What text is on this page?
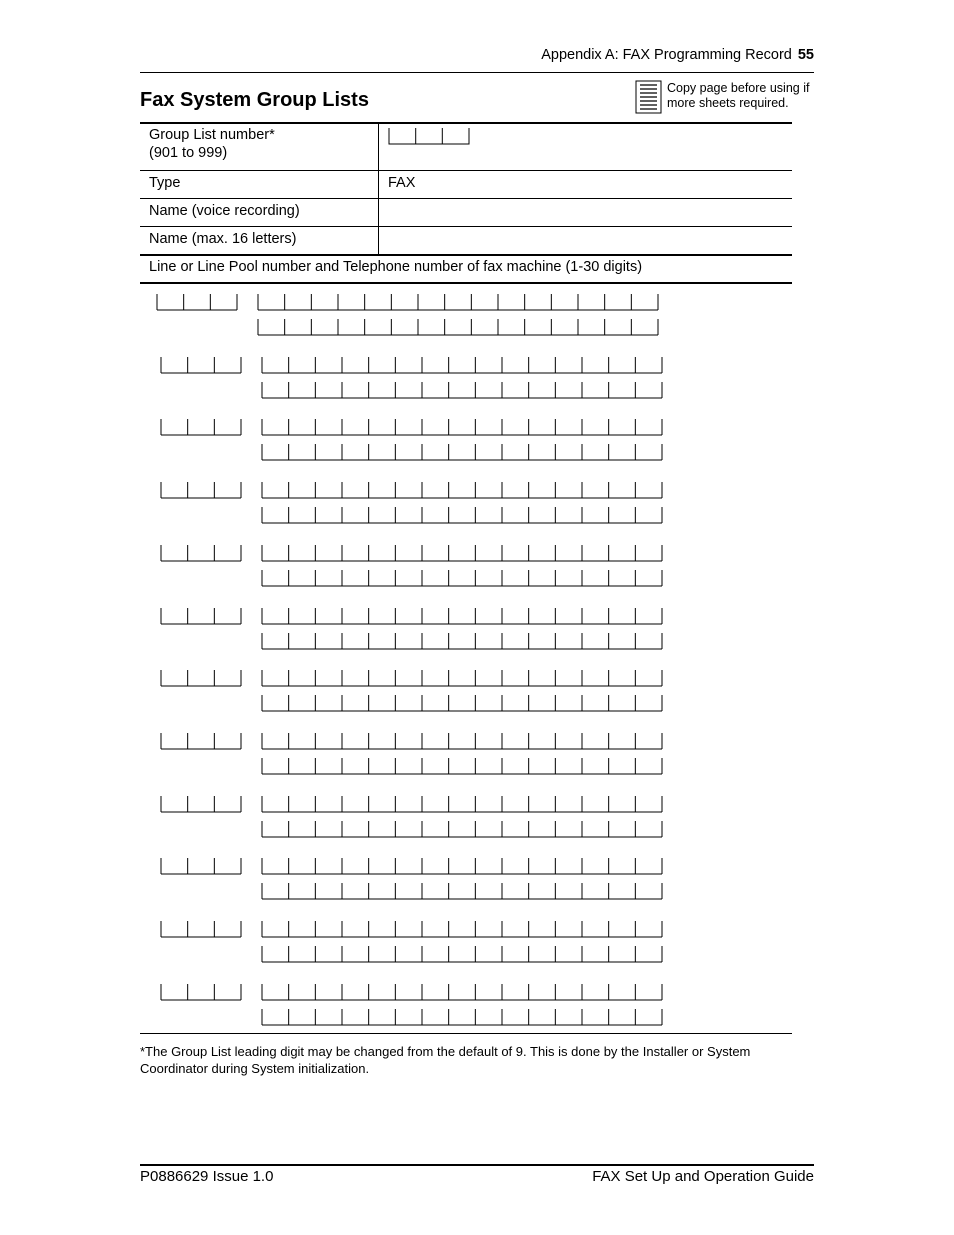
Appendix A: FAX Programming Record 55
Fax System Group Lists
Copy page before using if more sheets required.
Group List number*
(901 to 999)
Type	FAX
Name (voice recording)
Name (max. 16 letters)
Line or Line Pool number and Telephone number of fax machine (1-30 digits)
*The Group List leading digit may be changed from the default of 9. This is done by the Installer or System Coordinator during System initialization.
P0886629 Issue 1.0	FAX Set Up and Operation Guide
